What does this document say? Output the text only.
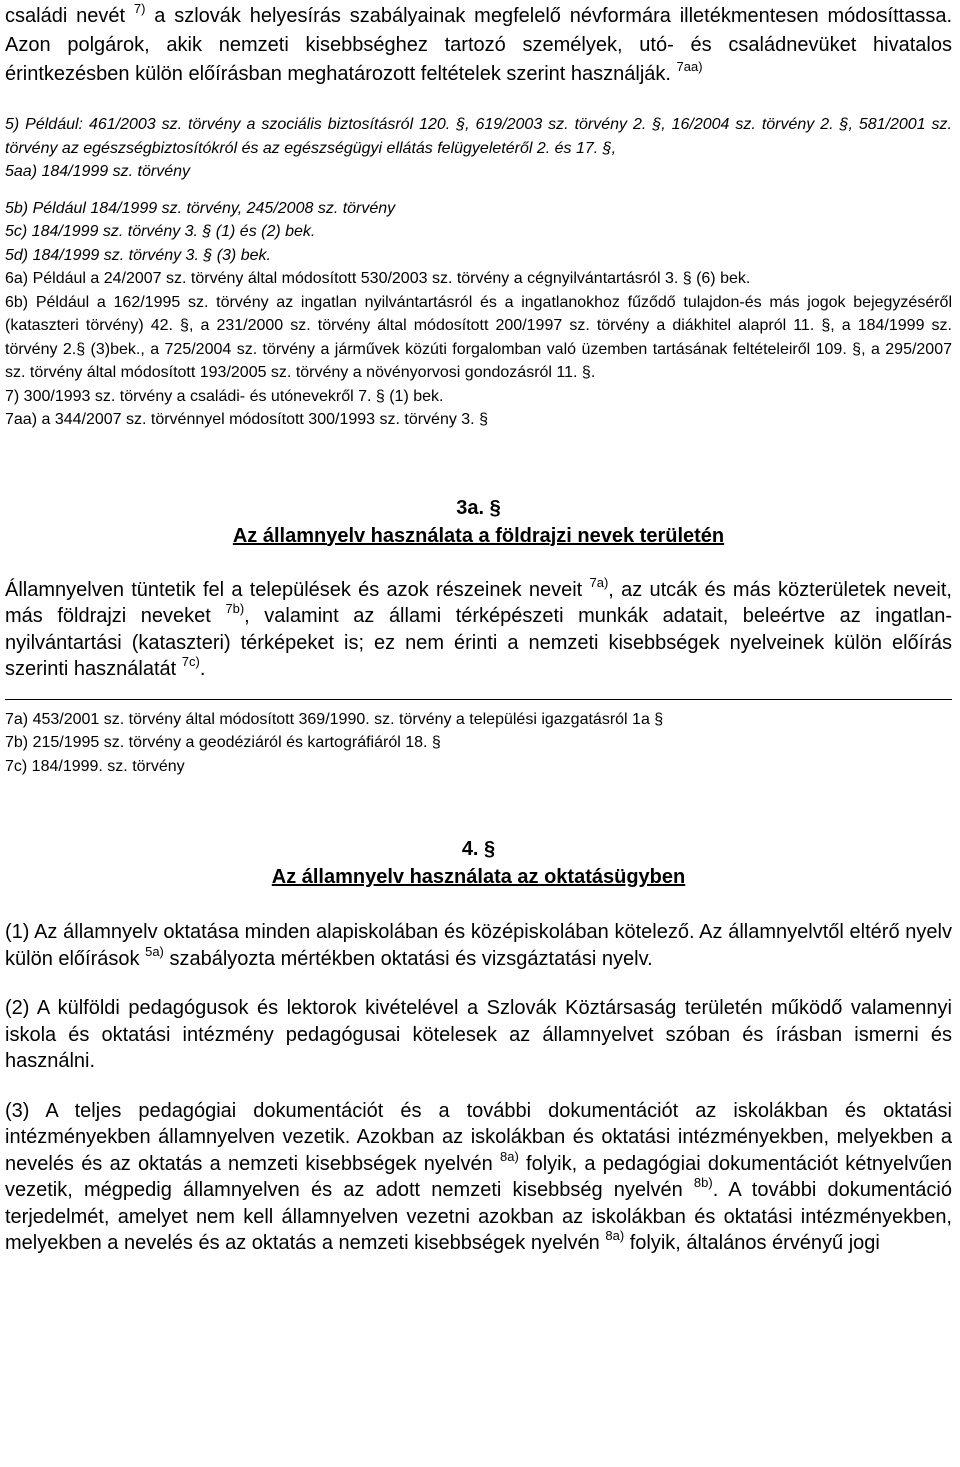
családi nevét $^{7)}$ a szlovák helyesírás szabályainak megfelelő névformára illetékmentesen módosíttassa. Azon polgárok, akik nemzeti kisebbséghez tartozó személyek, utó- és családnevüket hivatalos érintkezésben külön előírásban meghatározott feltételek szerint használják. $^{7aa)}$

5) Például: 461/2003 sz. törvény a szociális biztosításról 120. §, 619/2003 sz. törvény 2. §, 16/2004 sz. törvény 2. §, 581/2001 sz. törvény az egészségbiztosítókról és az egészségügyi ellátás felügyeletéről 2. és 17. §,

5aa) 184/1999 sz. törvény

5b) Például 184/1999 sz. törvény, 245/2008 sz. törvény

5c) 184/1999 sz. törvény 3. § (1) és (2) bek.

5d) 184/1999 sz. törvény 3. § (3) bek.

6a) Például a 24/2007 sz. törvény által módosított 530/2003 sz. törvény a cégnyilvántartásról 3. § (6) bek.

6b) Például a 162/1995 sz. törvény az ingatlan nyilvántartásról és a ingatlanokhoz fűződő tulajdon-és más jogok bejegyzéséről (kataszteri törvény) 42. §, a 231/2000 sz. törvény által módosított 200/1997 sz. törvény a diákhitel alapról 11. §, a 184/1999 sz. törvény 2.§ (3)bek., a 725/2004 sz. törvény a járművek közúti forgalomban való üzemben tartásának feltételeiről 109. §, a 295/2007 sz. törvény által módosított 193/2005 sz. törvény a növényorvosi gondozásról 11. §.

7) 300/1993 sz. törvény a családi- és utónevekről 7. § (1) bek.

7aa) a 344/2007 sz. törvénnyel módosított 300/1993 sz. törvény 3. §

3a. §
Az államnyelv használata a földrajzi nevek területén

Államnyelven tüntetik fel a települések és azok részeinek neveit $^{7a)}$, az utcák és más közterületek neveit, más földrajzi neveket $^{7b)}$, valamint az állami térképészeti munkák adatait, beleértve az ingatlan-nyilvántartási (kataszteri) térképeket is; ez nem érinti a nemzeti kisebbségek nyelveinek külön előírás szerinti használatát $^{7c)}$.

7a) 453/2001 sz. törvény által módosított 369/1990. sz. törvény a települési igazgatásról 1a §

7b) 215/1995 sz. törvény a geodéziáról és kartográfiáról 18. §

7c) 184/1999. sz. törvény

4. §
Az államnyelv használata az oktatásügyben

(1) Az államnyelv oktatása minden alapiskolában és középiskolában kötelező. Az államnyelvtől eltérő nyelv külön előírások $^{5a)}$ szabályozta mértékben oktatási és vizsgáztatási nyelv.

(2) A külföldi pedagógusok és lektorok kivételével a Szlovák Köztársaság területén működő valamennyi iskola és oktatási intézmény pedagógusai kötelesek az államnyelvet szóban és írásban ismerni és használni.

(3) A teljes pedagógiai dokumentációt és a további dokumentációt az iskolákban és oktatási intézményekben államnyelven vezetik. Azokban az iskolákban és oktatási intézményekben, melyekben a nevelés és az oktatás a nemzeti kisebbségek nyelvén $^{8a)}$ folyik, a pedagógiai dokumentációt kétnyelvűen vezetik, mégpedig államnyelven és az adott nemzeti kisebbség nyelvén $^{8b)}$. A további dokumentáció terjedelmét, amelyet nem kell államnyelven vezetni azokban az iskolákban és oktatási intézményekben, melyekben a nevelés és az oktatás a nemzeti kisebbségek nyelvén $^{8a)}$ folyik, általános érvényű jogi
